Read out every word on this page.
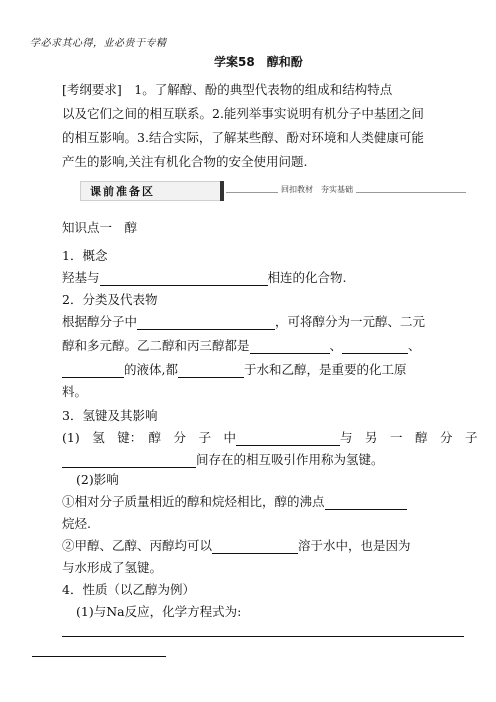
学必求其心得，业必贵于专精
学案58　醇和酚
[考纲要求]　1。了解醇、酚的典型代表物的组成和结构特点
以及它们之间的相互联系。2.能列举事实说明有机分子中基团之间
的相互影响。3.结合实际，了解某些醇、酚对环境和人类健康可能
产生的影响,关注有机化合物的安全使用问题.
课前准备区	回扣教材　夯实基础
知识点一　醇
1．概念
羟基与	相连的化合物.
2．分类及代表物
根据醇分子中	，可将醇分为一元醇、二元
醇和多元醇。乙二醇和丙三醇都是	、	、
的液体,都	于水和乙醇，是重要的化工原
料。
3．氢键及其影响
(1)　氢　键：　醇　分　子　中	与　另　一　醇　分　子
间存在的相互吸引作用称为氢键。
(2)影响
①相对分子质量相近的醇和烷烃相比，醇的沸点
烷烃.
②甲醇、乙醇、丙醇均可以	溶于水中，也是因为
与水形成了氢键。
4．性质（以乙醇为例）
(1)与Na反应，化学方程式为:
